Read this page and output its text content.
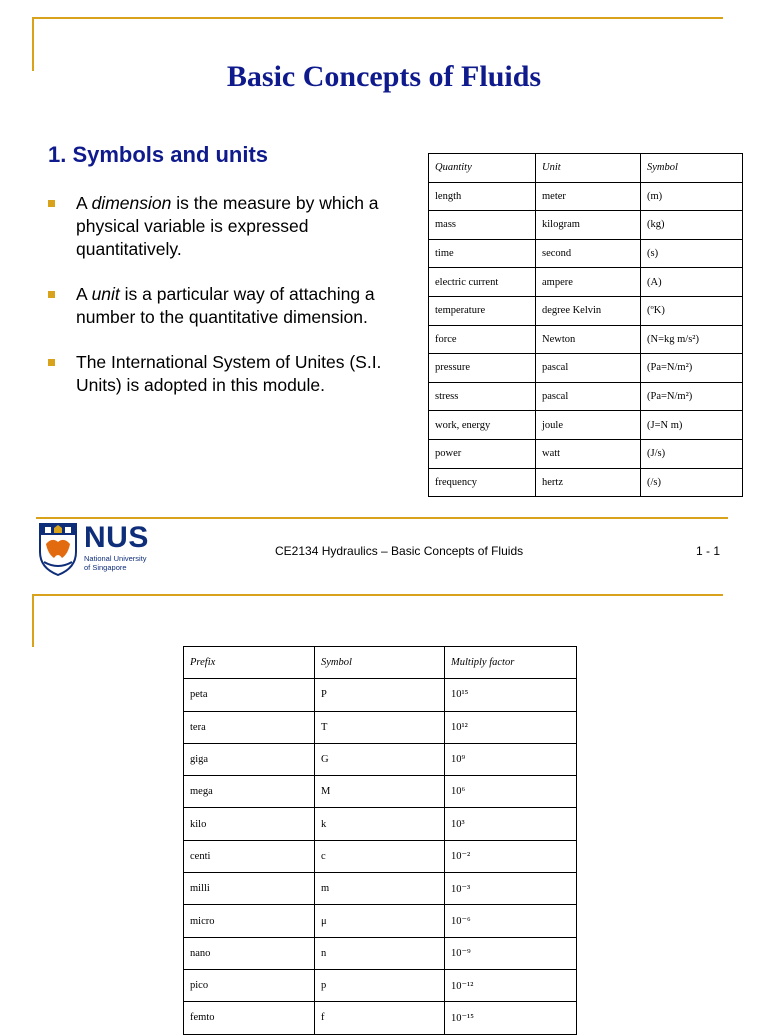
Basic Concepts of Fluids
1. Symbols and units
A dimension is the measure by which a physical variable is expressed quantitatively.
A unit is a particular way of attaching a number to the quantitative dimension.
The International System of Unites (S.I. Units) is adopted in this module.
Quantity	Unit	Symbol
length	meter	(m)
mass	kilogram	(kg)
time	second	(s)
electric current	ampere	(A)
temperature	degree Kelvin	(ºK)
force	Newton	(N=kg m/s²)
pressure	pascal	(Pa=N/m²)
stress	pascal	(Pa=N/m²)
work, energy	joule	(J=N m)
power	watt	(J/s)
frequency	hertz	(/s)
NUS
National University
of Singapore
CE2134 Hydraulics – Basic Concepts of Fluids	1 - 1
Prefix	Symbol	Multiply factor
peta	P	10¹⁵
tera	T	10¹²
giga	G	10⁹
mega	M	10⁶
kilo	k	10³
centi	c	10⁻²
milli	m	10⁻³
micro	μ	10⁻⁶
nano	n	10⁻⁹
pico	p	10⁻¹²
femto	f	10⁻¹⁵
